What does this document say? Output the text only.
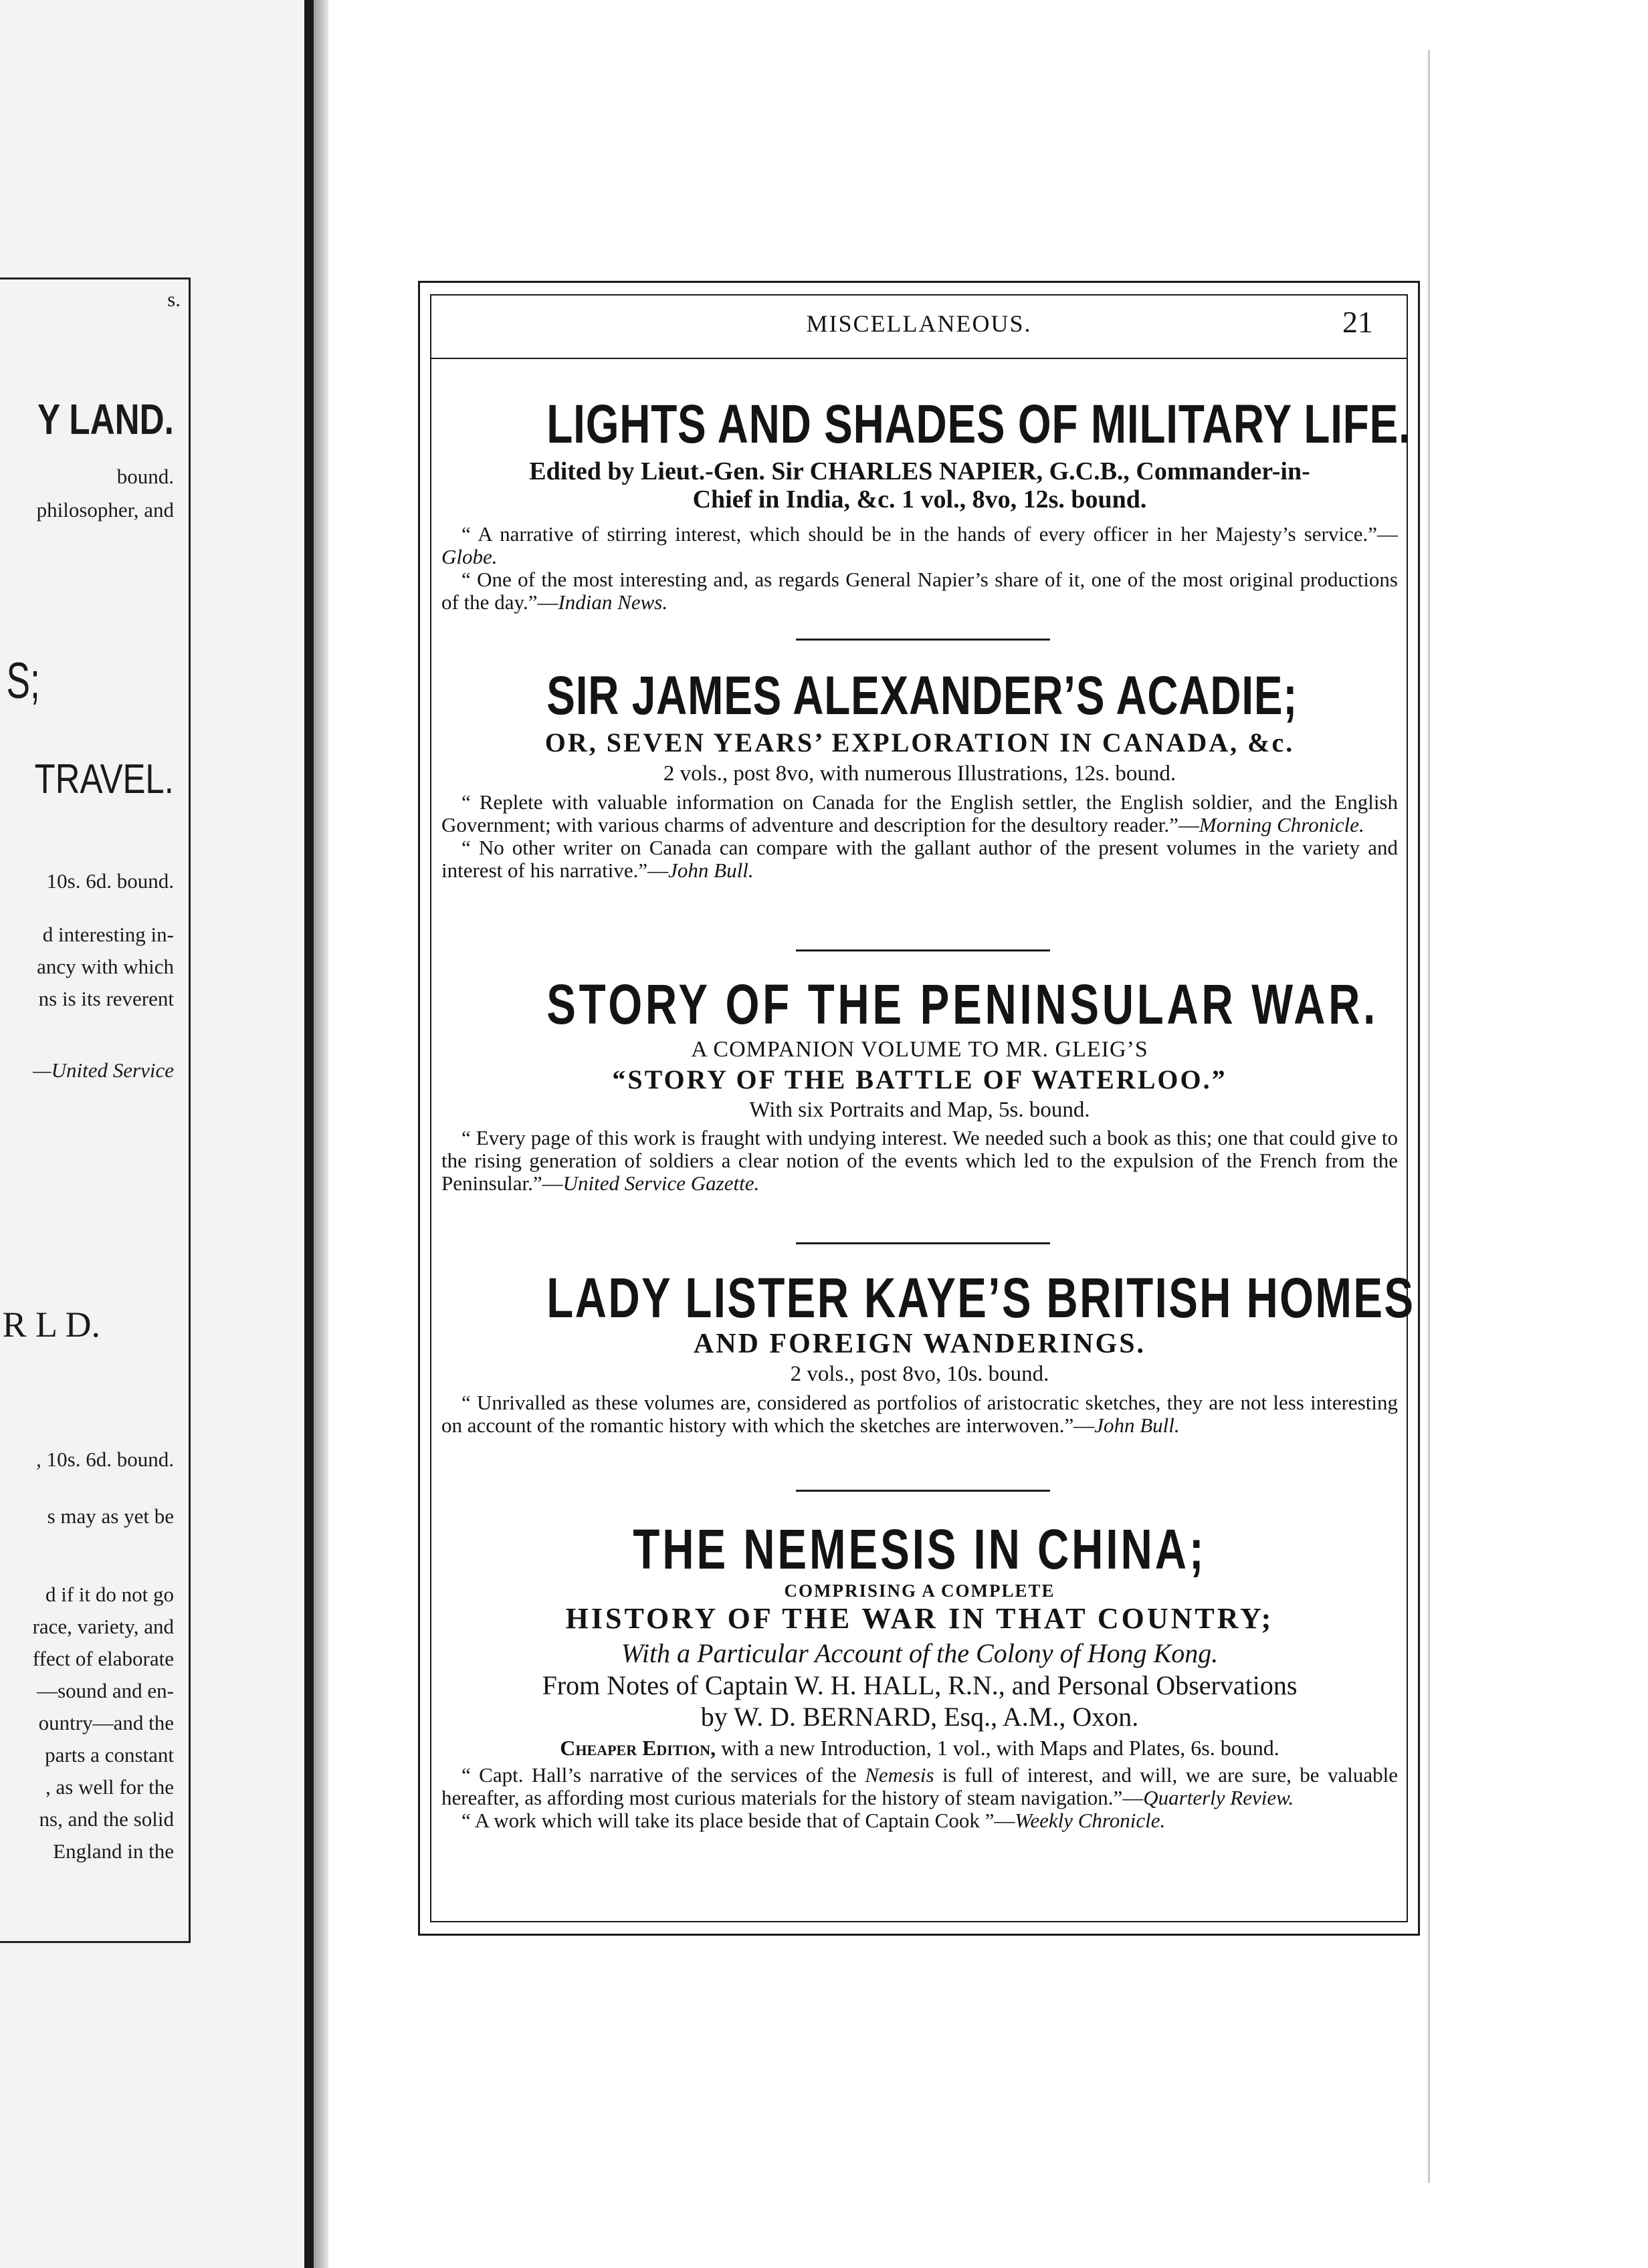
s.
Y LAND.
bound.
philosopher, and
S;
TRAVEL.
10s. 6d. bound.
d interesting in-
ancy with which
ns is its reverent
—United Service
R L D.
, 10s. 6d. bound.
s may as yet be
d if it do not go
race, variety, and
ffect of elaborate
—sound and en-
ountry—and the
parts a constant
, as well for the
ns, and the solid
England in the
MISCELLANEOUS.	21
LIGHTS AND SHADES OF MILITARY LIFE.
Edited by Lieut.-Gen. Sir CHARLES NAPIER, G.C.B., Commander-in-
Chief in India, &c. 1 vol., 8vo, 12s. bound.

“ A narrative of stirring interest, which should be in the hands of every officer in her Majesty’s service.”—Globe.

“ One of the most interesting and, as regards General Napier’s share of it, one of the most original productions of the day.”—Indian News.

SIR JAMES ALEXANDER’S ACADIE;
OR, SEVEN YEARS’ EXPLORATION IN CANADA, &c.
2 vols., post 8vo, with numerous Illustrations, 12s. bound.

“ Replete with valuable information on Canada for the English settler, the English soldier, and the English Government; with various charms of adventure and description for the desultory reader.”—Morning Chronicle.

“ No other writer on Canada can compare with the gallant author of the present volumes in the variety and interest of his narrative.”—John Bull.

STORY OF THE PENINSULAR WAR.
A COMPANION VOLUME TO MR. GLEIG’S
“STORY OF THE BATTLE OF WATERLOO.”
With six Portraits and Map, 5s. bound.

“ Every page of this work is fraught with undying interest. We needed such a book as this; one that could give to the rising generation of soldiers a clear notion of the events which led to the expulsion of the French from the Peninsular.”—United Service Gazette.

LADY LISTER KAYE’S BRITISH HOMES
AND FOREIGN WANDERINGS.
2 vols., post 8vo, 10s. bound.

“ Unrivalled as these volumes are, considered as portfolios of aristocratic sketches, they are not less interesting on account of the romantic history with which the sketches are interwoven.”—John Bull.

THE NEMESIS IN CHINA;
COMPRISING A COMPLETE
HISTORY OF THE WAR IN THAT COUNTRY;
With a Particular Account of the Colony of Hong Kong.
From Notes of Captain W. H. HALL, R.N., and Personal Observations
by W. D. BERNARD, Esq., A.M., Oxon.
Cheaper Edition, with a new Introduction, 1 vol., with Maps and Plates, 6s. bound.

“ Capt. Hall’s narrative of the services of the Nemesis is full of interest, and will, we are sure, be valuable hereafter, as affording most curious materials for the history of steam navigation.”—Quarterly Review.

“ A work which will take its place beside that of Captain Cook ”—Weekly Chronicle.
